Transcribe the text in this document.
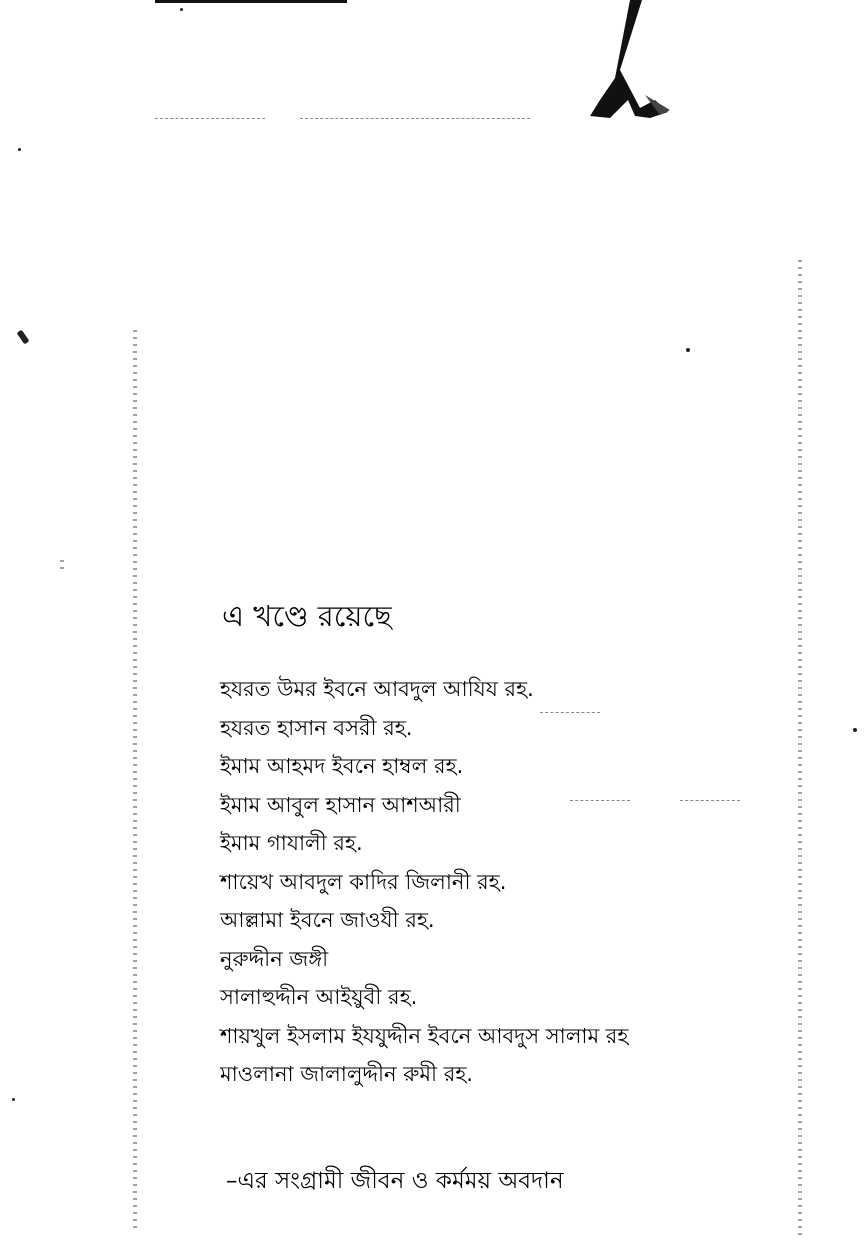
এ খণ্ডে রয়েছে
হযরত উমর ইবনে আবদুল আযিয রহ.
হযরত হাসান বসরী রহ.
ইমাম আহমদ ইবনে হাম্বল রহ.
ইমাম আবুল হাসান আশআরী
ইমাম গাযালী রহ.
শায়েখ আবদুল কাদির জিলানী রহ.
আল্লামা ইবনে জাওযী রহ.
নুরুদ্দীন জঙ্গী
সালাহুদ্দীন আইয়ুবী রহ.
শায়খুল ইসলাম ইযযুদ্দীন ইবনে আবদুস সালাম রহ
মাওলানা জালালুদ্দীন রুমী রহ.

–এর সংগ্রামী জীবন ও কর্মময় অবদান
